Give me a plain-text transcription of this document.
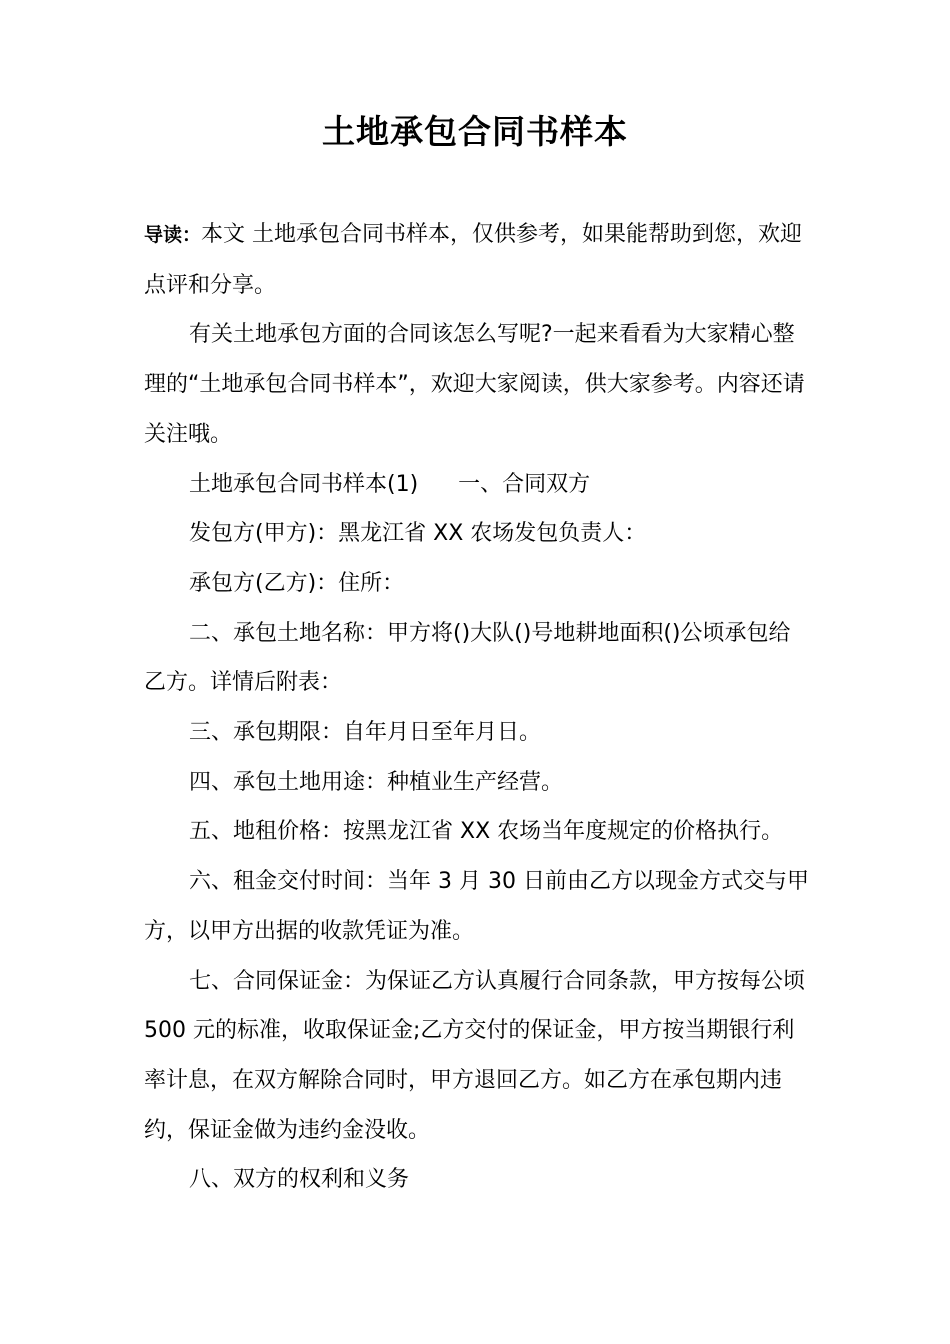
土地承包合同书样本

导读：本文 土地承包合同书样本，仅供参考，如果能帮助到您，欢迎点评和分享。

有关土地承包方面的合同该怎么写呢?一起来看看为大家精心整理的“土地承包合同书样本”，欢迎大家阅读，供大家参考。内容还请关注哦。

土地承包合同书样本(1) 一、合同双方

发包方(甲方)：黑龙江省 XX 农场发包负责人：

承包方(乙方)：住所：

二、承包土地名称：甲方将()大队()号地耕地面积()公顷承包给乙方。详情后附表：

三、承包期限：自年月日至年月日。

四、承包土地用途：种植业生产经营。

五、地租价格：按黑龙江省 XX 农场当年度规定的价格执行。

六、租金交付时间：当年 3 月 30 日前由乙方以现金方式交与甲方，以甲方出据的收款凭证为准。

七、合同保证金：为保证乙方认真履行合同条款，甲方按每公顷 500 元的标准，收取保证金;乙方交付的保证金，甲方按当期银行利率计息，在双方解除合同时，甲方退回乙方。如乙方在承包期内违约，保证金做为违约金没收。

八、双方的权利和义务
